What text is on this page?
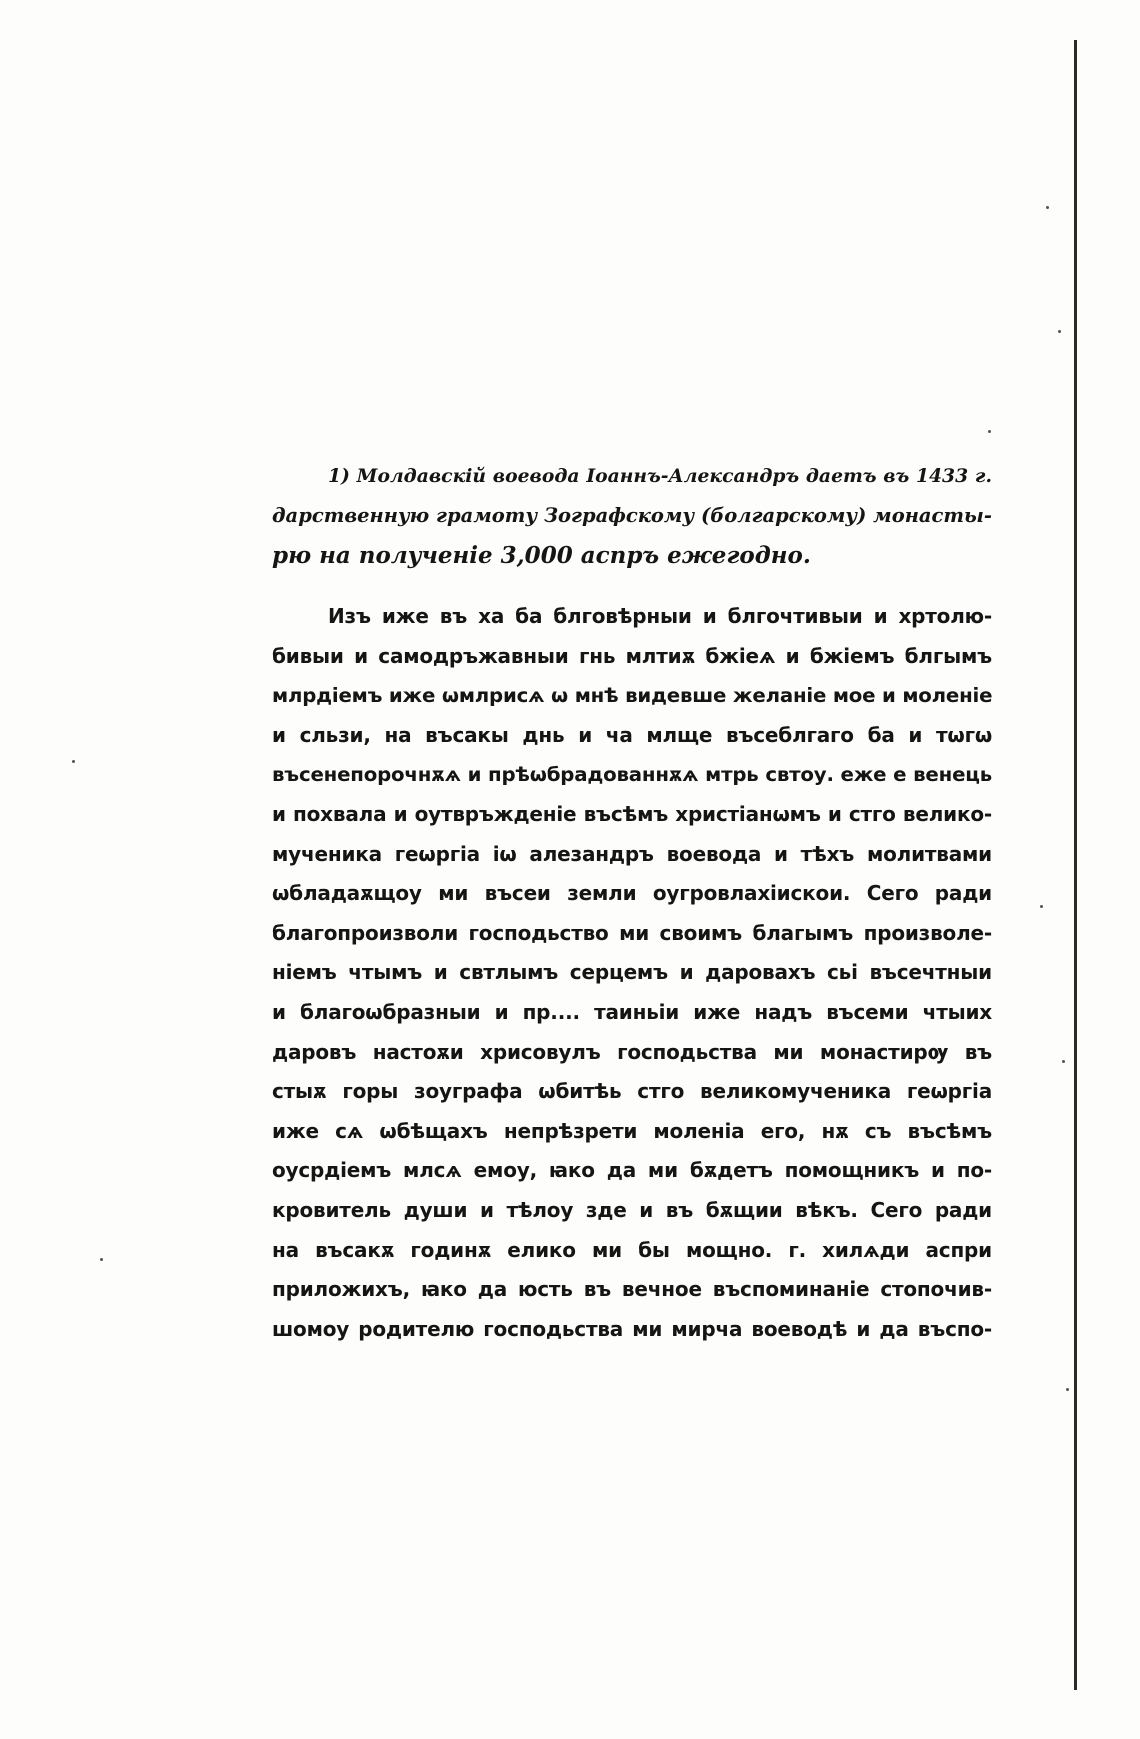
1) Молдавскій воевода Іоаннъ-Александръ даетъ въ 1433 г.
дарственную грамоту Зографскому (болгарскому) монасты-
рю на полученіе 3,000 аспръ ежегодно.
Изъ иже въ ха ба блговѣрныи и блгочтивыи и хртолю-
бивыи и самодръжавныи гнь млтиѫ бжіеѧ и бжіемъ блгымъ
млрдіемъ иже ѡмлрисѧ ѡ мнѣ видевше желаніе мое и моленіе
и сльзи, на въсакы днь и ча млще въсеблгаго ба и тѡгѡ
въсенепорочнѫѧ и прѣѡбрадованнѫѧ мтрь свтоу. еже е венець
и похвала и оутвръжденіе въсѣмъ христіанѡмъ и стго велико-
мученика геѡргіа іѡ алезандръ воевода и тѣхъ молитвами
ѡбладаѫщоу ми въсеи земли оугровлахіискои. Сего ради
благопроизволи господьство ми своимъ благымъ произволе-
ніемъ чтымъ и свтлымъ серцемъ и даровахъ сьі въсечтныи
и благоѡбразныи и пр.... таиньіи иже надъ въсеми чтыих
даровъ настоѫи хрисовулъ господьства ми монастирѹ въ
стыѫ горы зоуграфа ѡбитѣь стго великомученика геѡргіа
иже сѧ ѡбѣщахъ непрѣзрети моленіа его, нѫ съ въсѣмъ
оусрдіемъ млсѧ емоу, ꙗко да ми бѫдетъ помощникъ и по-
кровитель души и тѣлоу зде и въ бѫщии вѣкъ. Сего ради
на въсакѫ годинѫ елико ми бы мощно. г. хилѧди аспри
приложихъ, ꙗко да юсть въ вечное въспоминаніе стопочив-
шомоу родителю господьства ми мирча воеводѣ и да въспо-
